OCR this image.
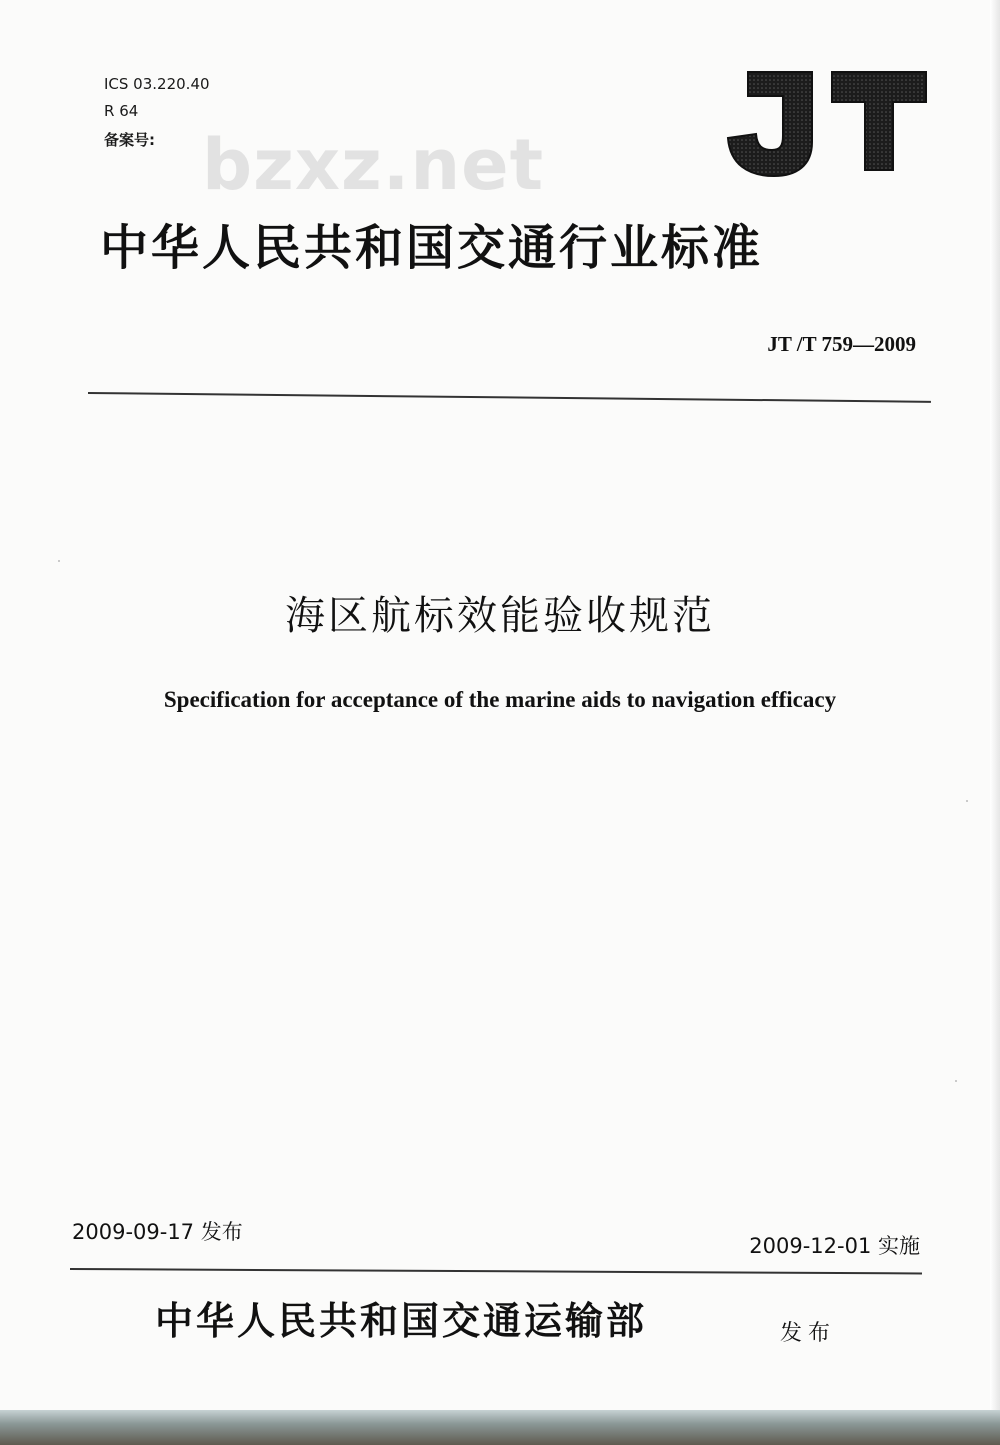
ICS 03.220.40
R 64
备案号:
JT
bzxz.net
中华人民共和国交通行业标准
JT /T 759—2009
海区航标效能验收规范
Specification for acceptance of the marine aids to navigation efficacy
2009-09-17 发布
2009-12-01 实施
中华人民共和国交通运输部	发布
